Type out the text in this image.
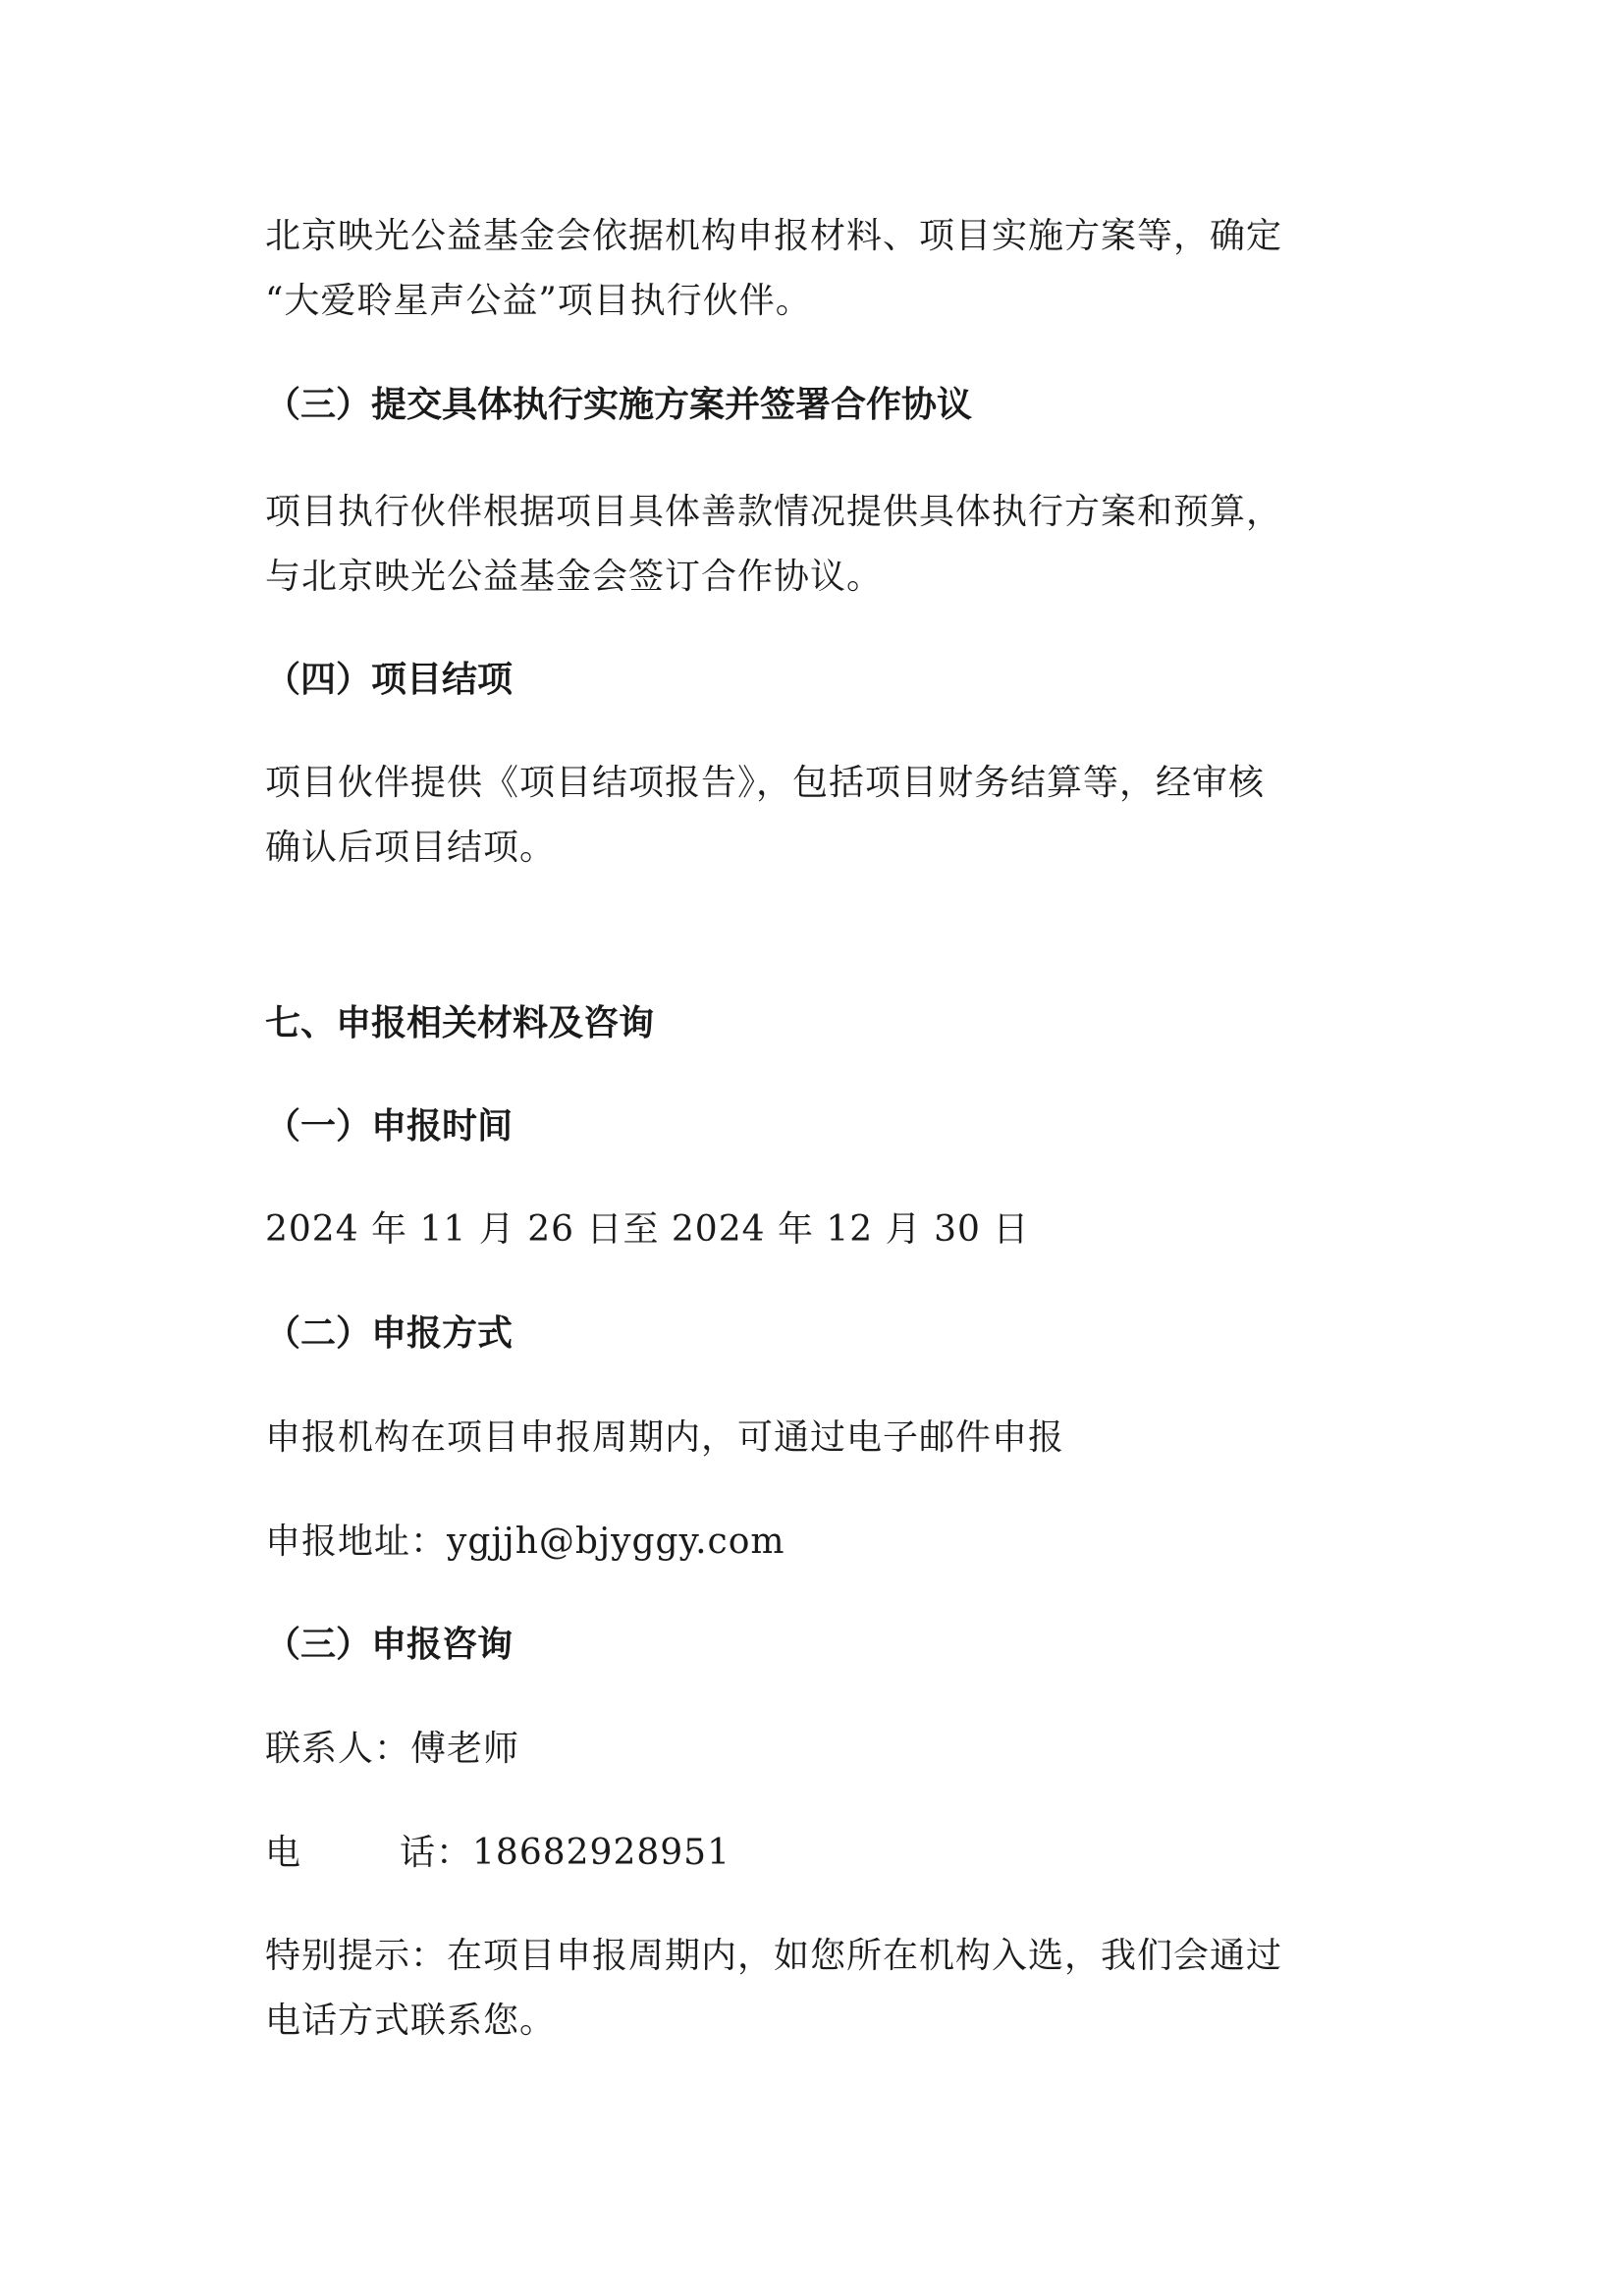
北京映光公益基金会依据机构申报材料、项目实施方案等，确定
“大爱聆星声公益”项目执行伙伴。

（三）提交具体执行实施方案并签署合作协议

项目执行伙伴根据项目具体善款情况提供具体执行方案和预算，
与北京映光公益基金会签订合作协议。

（四）项目结项

项目伙伴提供《项目结项报告》，包括项目财务结算等，经审核
确认后项目结项。

七、申报相关材料及咨询
（一）申报时间

2024 年 11 月 26 日至 2024 年 12 月 30 日

（二）申报方式

申报机构在项目申报周期内，可通过电子邮件申报

申报地址：ygjjh@bjyggy.com

（三）申报咨询

联系人：傅老师

电	话：18682928951

特别提示：在项目申报周期内，如您所在机构入选，我们会通过
电话方式联系您。
